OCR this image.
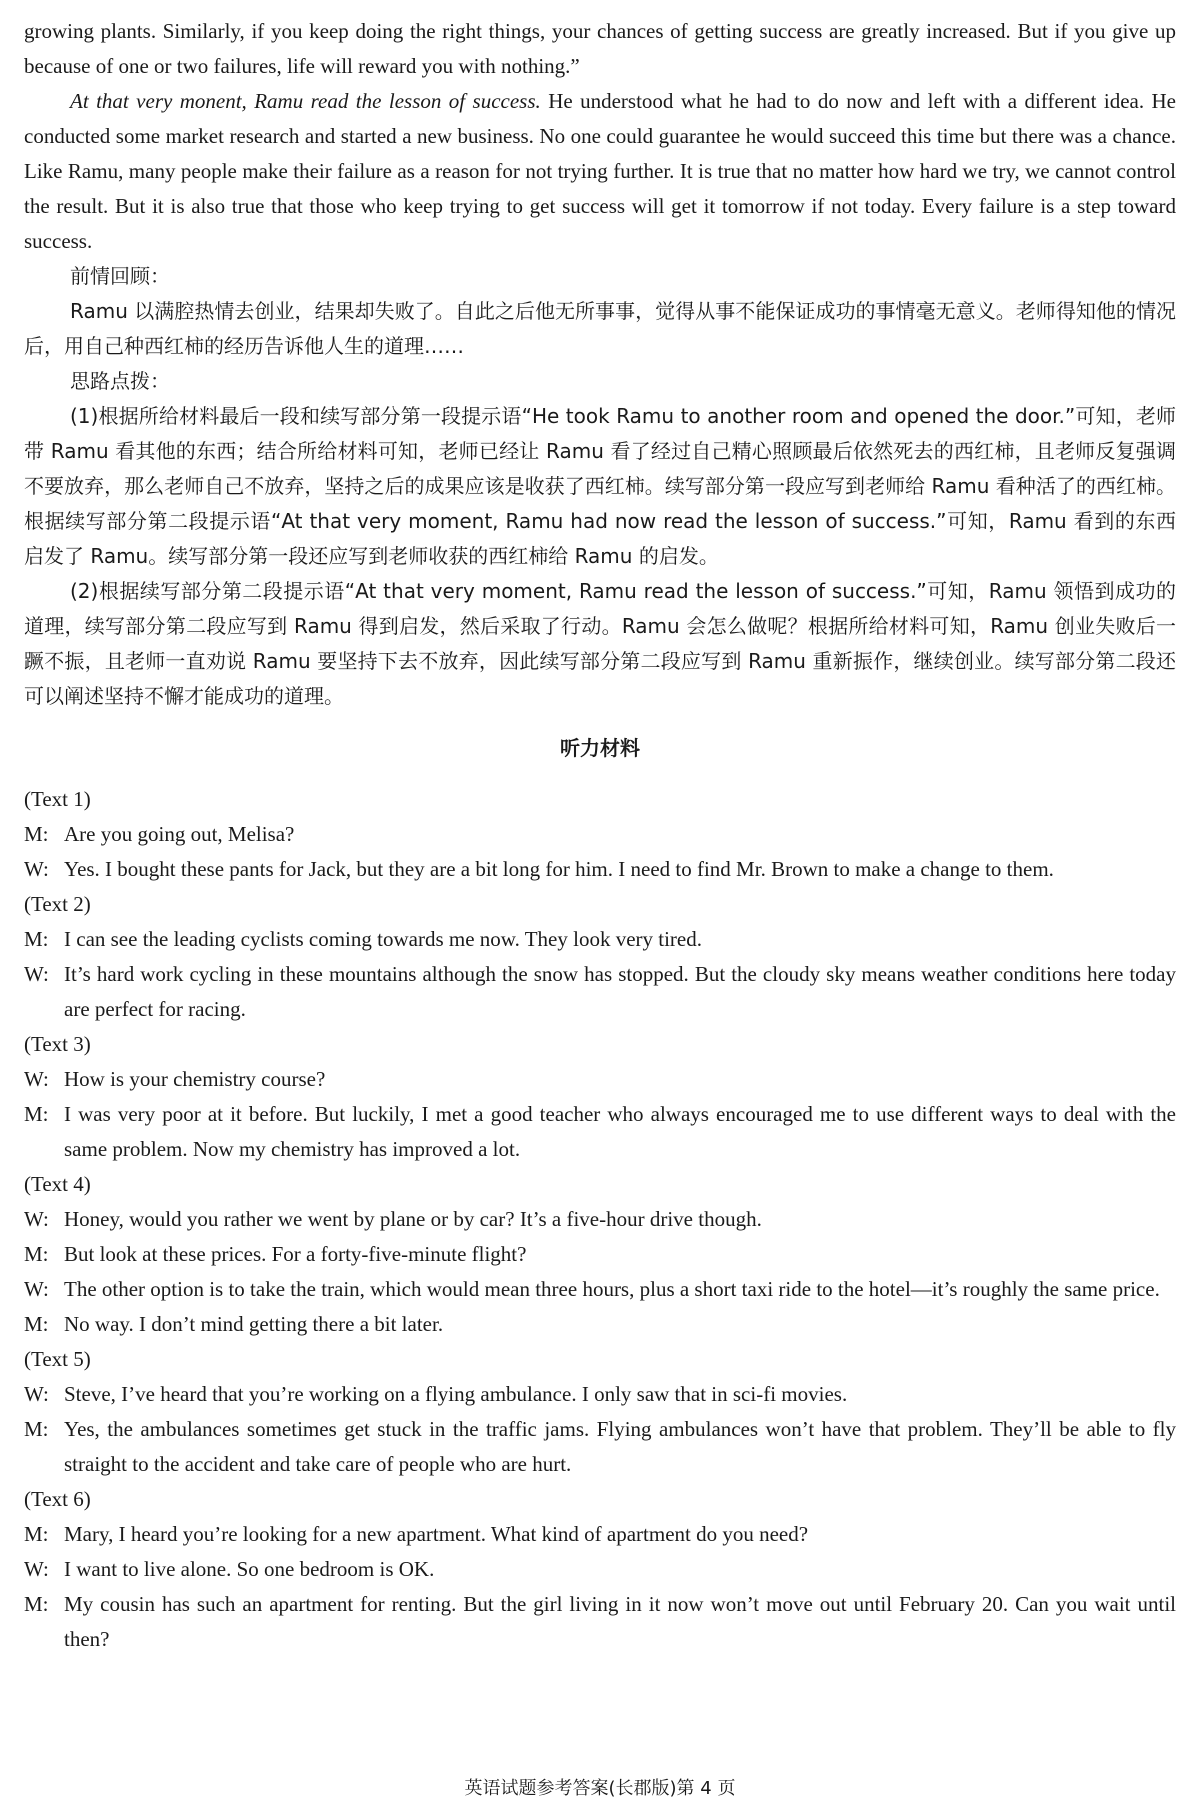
growing plants. Similarly, if you keep doing the right things, your chances of getting success are greatly increased. But if you give up because of one or two failures, life will reward you with nothing.”

At that very monent, Ramu read the lesson of success. He understood what he had to do now and left with a different idea. He conducted some market research and started a new business. No one could guarantee he would succeed this time but there was a chance. Like Ramu, many people make their failure as a reason for not trying further. It is true that no matter how hard we try, we cannot control the result. But it is also true that those who keep trying to get success will get it tomorrow if not today. Every failure is a step toward success.

前情回顾：

Ramu 以满腔热情去创业，结果却失败了。自此之后他无所事事，觉得从事不能保证成功的事情毫无意义。老师得知他的情况后，用自己种西红柿的经历告诉他人生的道理……

思路点拨：

(1)根据所给材料最后一段和续写部分第一段提示语“He took Ramu to another room and opened the door.”可知，老师带 Ramu 看其他的东西；结合所给材料可知，老师已经让 Ramu 看了经过自己精心照顾最后依然死去的西红柿，且老师反复强调不要放弃，那么老师自己不放弃，坚持之后的成果应该是收获了西红柿。续写部分第一段应写到老师给 Ramu 看种活了的西红柿。根据续写部分第二段提示语“At that very moment, Ramu had now read the lesson of success.”可知，Ramu 看到的东西启发了 Ramu。续写部分第一段还应写到老师收获的西红柿给 Ramu 的启发。

(2)根据续写部分第二段提示语“At that very moment, Ramu read the lesson of success.”可知，Ramu 领悟到成功的道理，续写部分第二段应写到 Ramu 得到启发，然后采取了行动。Ramu 会怎么做呢？根据所给材料可知，Ramu 创业失败后一蹶不振，且老师一直劝说 Ramu 要坚持下去不放弃，因此续写部分第二段应写到 Ramu 重新振作，继续创业。续写部分第二段还可以阐述坚持不懈才能成功的道理。

听力材料

(Text 1)

M: Are you going out, Melisa?

W: Yes. I bought these pants for Jack, but they are a bit long for him. I need to find Mr. Brown to make a change to them.

(Text 2)

M: I can see the leading cyclists coming towards me now. They look very tired.

W: It’s hard work cycling in these mountains although the snow has stopped. But the cloudy sky means weather conditions here today are perfect for racing.

(Text 3)

W: How is your chemistry course?

M: I was very poor at it before. But luckily, I met a good teacher who always encouraged me to use different ways to deal with the same problem. Now my chemistry has improved a lot.

(Text 4)

W: Honey, would you rather we went by plane or by car? It’s a five-hour drive though.

M: But look at these prices. For a forty-five-minute flight?

W: The other option is to take the train, which would mean three hours, plus a short taxi ride to the hotel—it’s roughly the same price.

M: No way. I don’t mind getting there a bit later.

(Text 5)

W: Steve, I’ve heard that you’re working on a flying ambulance. I only saw that in sci-fi movies.

M: Yes, the ambulances sometimes get stuck in the traffic jams. Flying ambulances won’t have that problem. They’ll be able to fly straight to the accident and take care of people who are hurt.

(Text 6)

M: Mary, I heard you’re looking for a new apartment. What kind of apartment do you need?

W: I want to live alone. So one bedroom is OK.

M: My cousin has such an apartment for renting. But the girl living in it now won’t move out until February 20. Can you wait until then?

英语试题参考答案(长郡版)第 4 页
